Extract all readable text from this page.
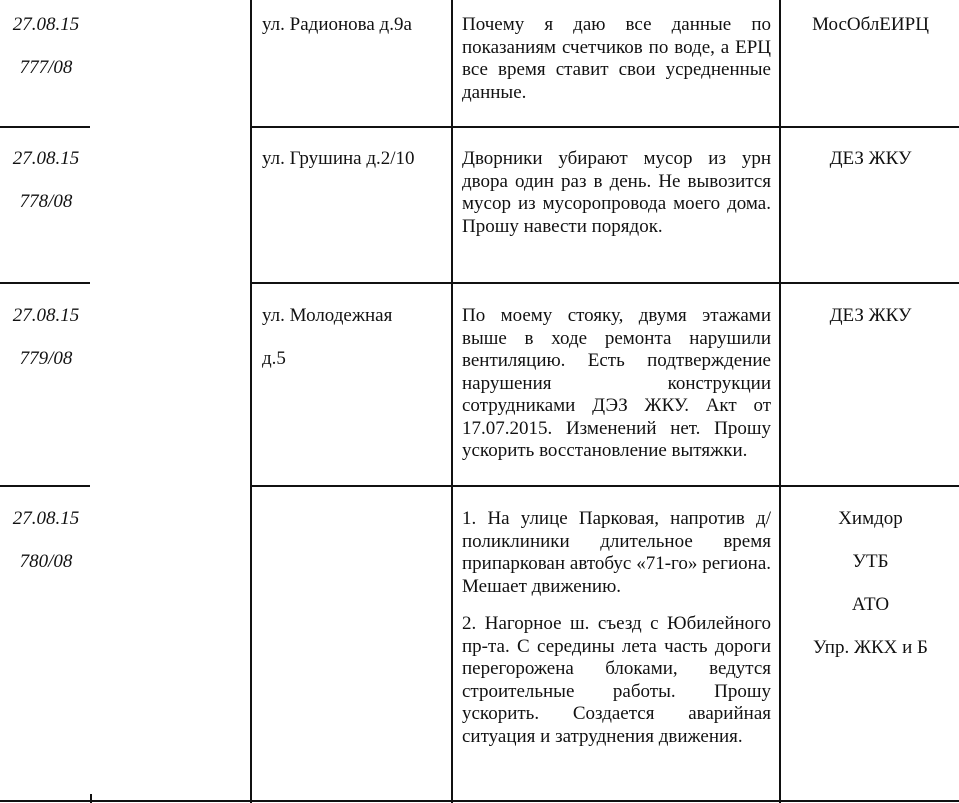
27.08.15
777/08
ул. Радионова д.9а	Почему я даю все данные по показаниям счетчиков по воде, а ЕРЦ все время ставит свои усредненные данные.

МосОблЕИРЦ
27.08.15
778/08
ул. Грушина д.2/10	Дворники убирают мусор из урн двора один раз в день. Не вывозится мусор из мусоропровода моего дома. Прошу навести порядок.

ДЕЗ ЖКУ
27.08.15
779/08
ул. Молодежная
д.5

По моему стояку, двумя этажами выше в ходе ремонта нарушили вентиляцию. Есть подтверждение нарушения конструкции сотрудниками ДЭЗ ЖКУ. Акт от 17.07.2015. Изменений нет. Прошу ускорить восстановление вытяжки.

ДЕЗ ЖКУ
27.08.15
780/08

1. На улице Парковая, напротив д/ поликлиники длительное время припаркован автобус «71-го» региона. Мешает движению.

2. Нагорное ш. съезд с Юбилейного пр-та. С середины лета часть дороги перегорожена блоками, ведутся строительные работы. Прошу ускорить. Создается аварийная ситуация и затруднения движения.

Химдор
УТБ
АТО
Упр. ЖКХ и Б
